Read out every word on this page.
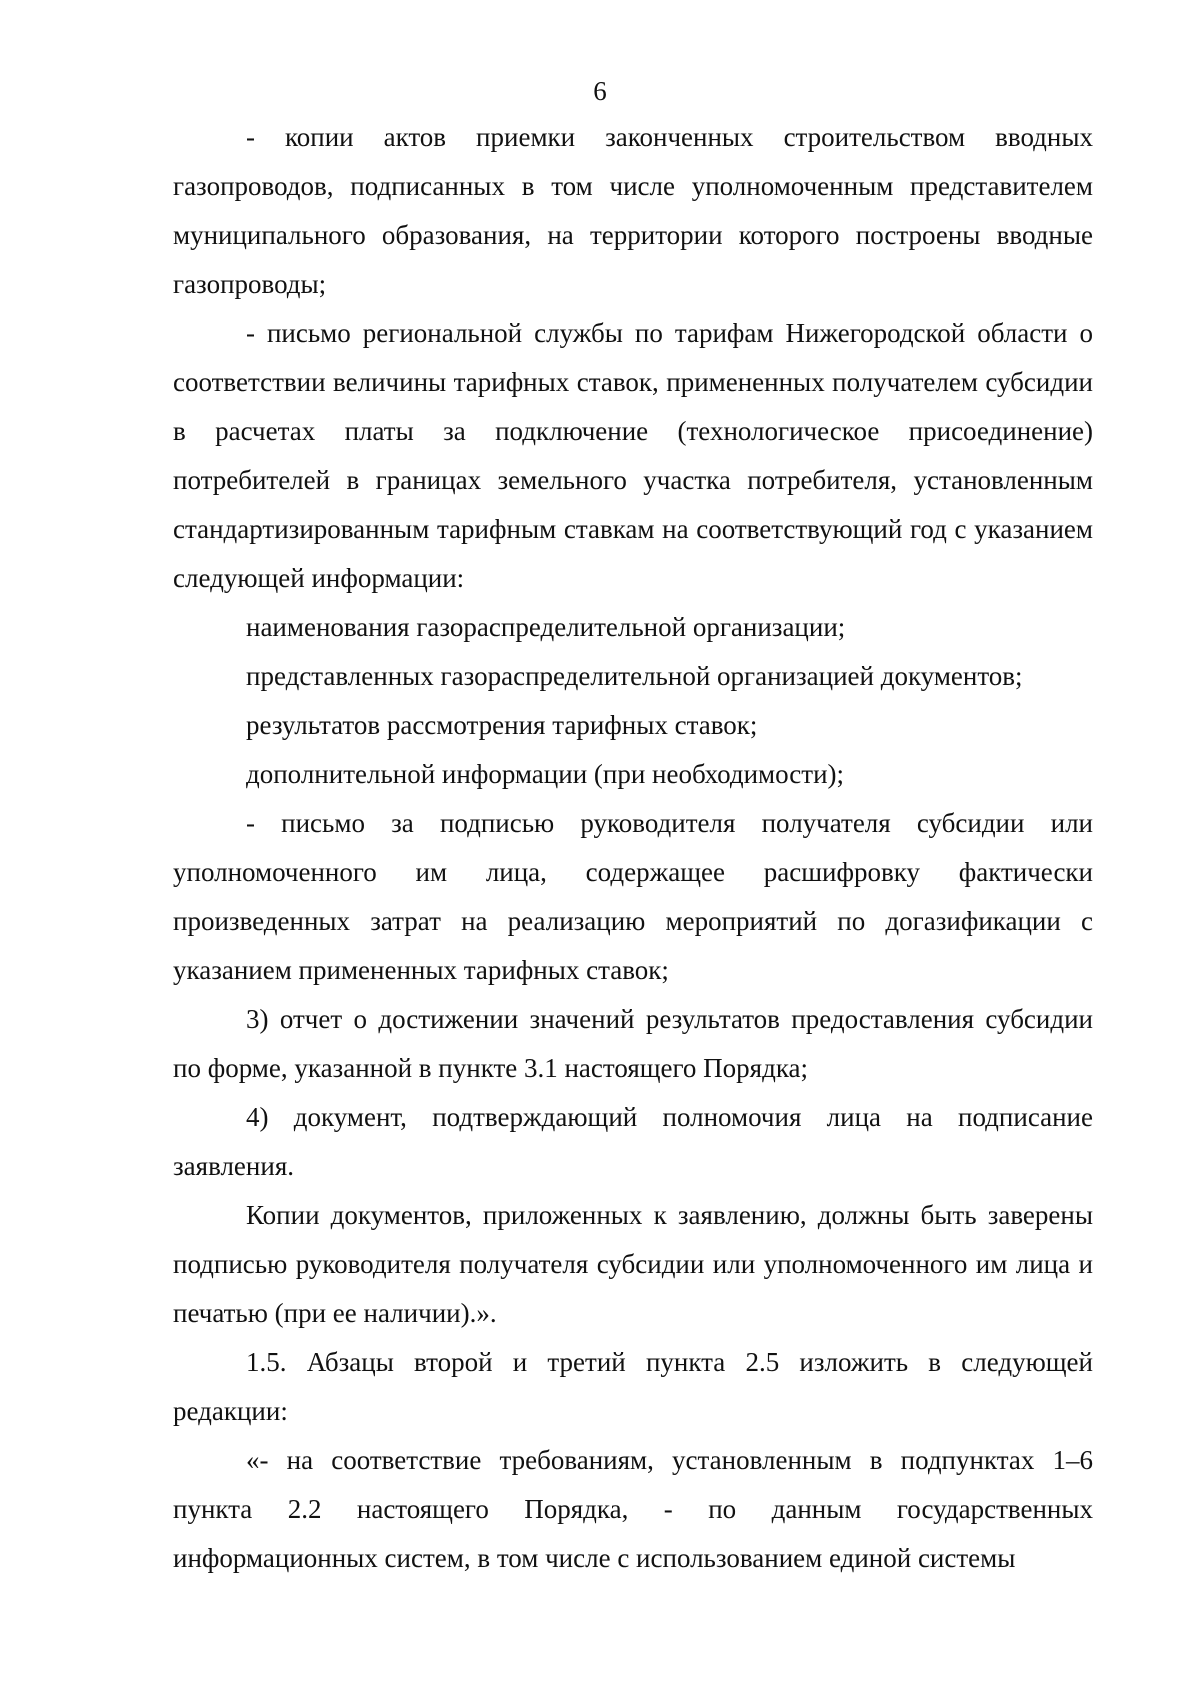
6

- копии актов приемки законченных строительством вводных газопроводов, подписанных в том числе уполномоченным представителем муниципального образования, на территории которого построены вводные газопроводы;

- письмо региональной службы по тарифам Нижегородской области о соответствии величины тарифных ставок, примененных получателем субсидии в расчетах платы за подключение (технологическое присоединение) потребителей в границах земельного участка потребителя, установленным стандартизированным тарифным ставкам на соответствующий год с указанием следующей информации:

наименования газораспределительной организации;

представленных газораспределительной организацией документов;

результатов рассмотрения тарифных ставок;

дополнительной информации (при необходимости);

- письмо за подписью руководителя получателя субсидии или уполномоченного им лица, содержащее расшифровку фактически произведенных затрат на реализацию мероприятий по догазификации с указанием примененных тарифных ставок;

3) отчет о достижении значений результатов предоставления субсидии по форме, указанной в пункте 3.1 настоящего Порядка;

4) документ, подтверждающий полномочия лица на подписание заявления.

Копии документов, приложенных к заявлению, должны быть заверены подписью руководителя получателя субсидии или уполномоченного им лица и печатью (при ее наличии).».

1.5. Абзацы второй и третий пункта 2.5 изложить в следующей редакции:

«- на соответствие требованиям, установленным в подпунктах 1–6 пункта 2.2 настоящего Порядка, - по данным государственных информационных систем, в том числе с использованием единой системы
